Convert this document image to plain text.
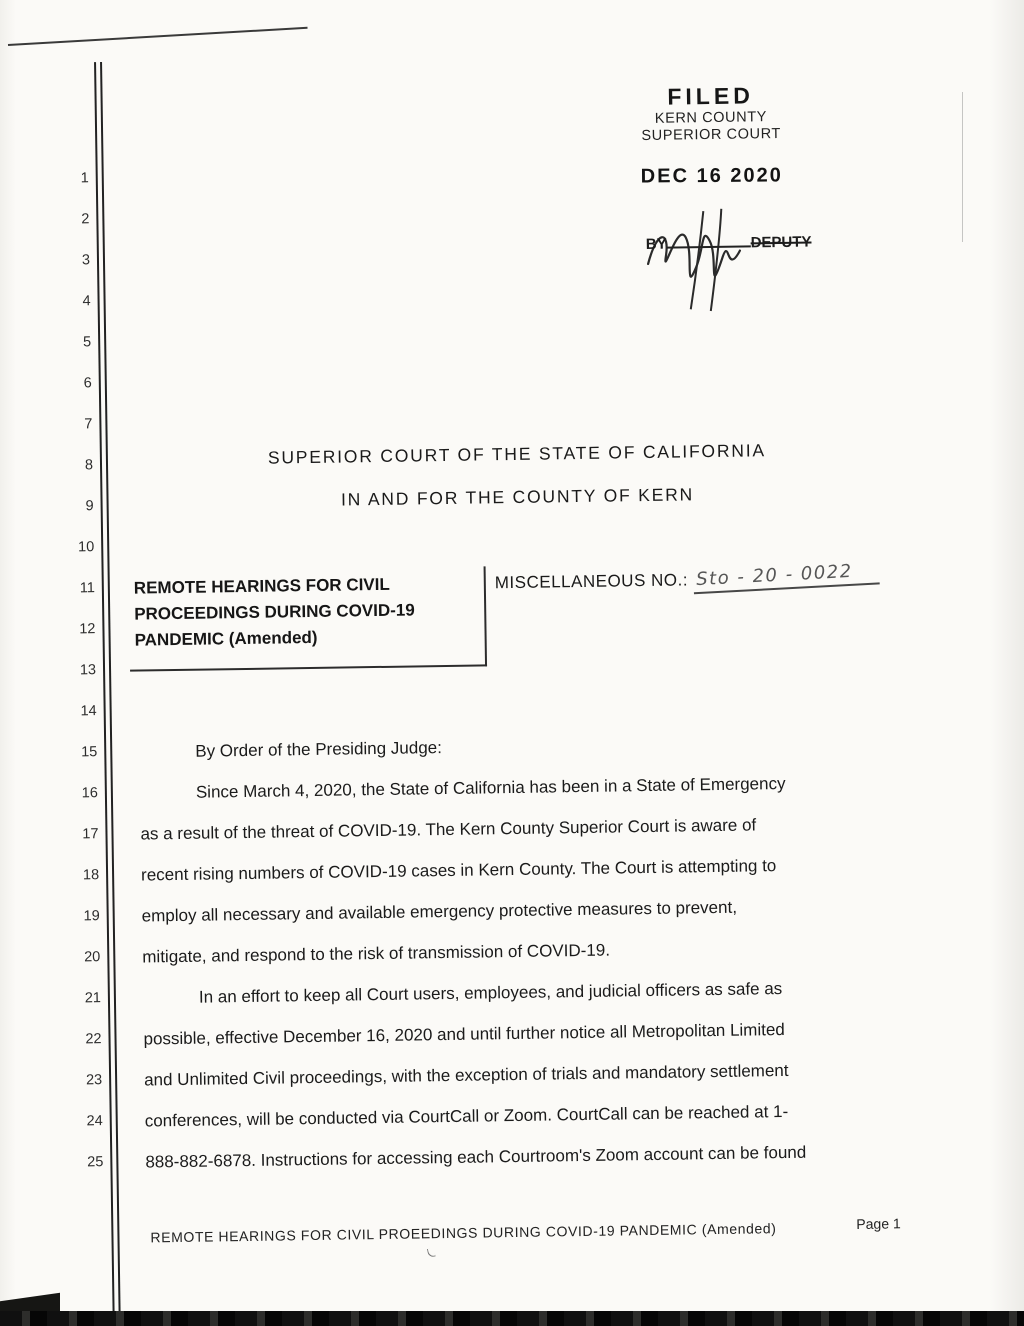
1
2
3
4
5
6
7
8
9
10
11
12
13
14
15
16
17
18
19
20
21
22
23
24
25
FILED
KERN COUNTY
SUPERIOR COURT
DEC 16 2020
BY	DEPUTY
SUPERIOR COURT OF THE STATE OF CALIFORNIA
IN AND FOR THE COUNTY OF KERN
REMOTE HEARINGS FOR CIVIL PROCEEDINGS DURING COVID-19 PANDEMIC (Amended)
MISCELLANEOUS NO.: Sto - 20 - 0022
By Order of the Presiding Judge:
Since March 4, 2020, the State of California has been in a State of Emergency
as a result of the threat of COVID-19. The Kern County Superior Court is aware of
recent rising numbers of COVID-19 cases in Kern County. The Court is attempting to
employ all necessary and available emergency protective measures to prevent,
mitigate, and respond to the risk of transmission of COVID-19.
In an effort to keep all Court users, employees, and judicial officers as safe as
possible, effective December 16, 2020 and until further notice all Metropolitan Limited
and Unlimited Civil proceedings, with the exception of trials and mandatory settlement
conferences, will be conducted via CourtCall or Zoom. CourtCall can be reached at 1-
888-882-6878. Instructions for accessing each Courtroom's Zoom account can be found
REMOTE HEARINGS FOR CIVIL PROEEDINGS DURING COVID-19 PANDEMIC (Amended)	Page 1
